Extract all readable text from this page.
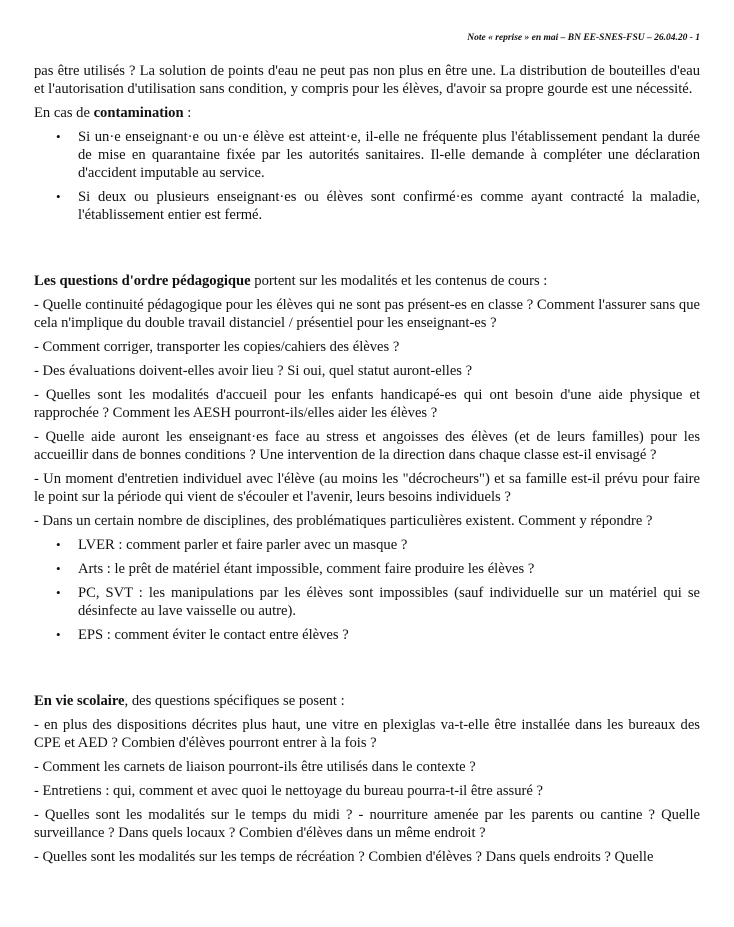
Note « reprise » en mai – BN EE-SNES-FSU – 26.04.20 - 1

pas être utilisés ? La solution de points d'eau ne peut pas non plus en être une. La distribution de bouteilles d'eau et l'autorisation d'utilisation sans condition, y compris pour les élèves, d'avoir sa propre gourde est une nécessité.

En cas de contamination :

• Si un·e enseignant·e ou un·e élève est atteint·e, il-elle ne fréquente plus l'établissement pendant la durée de mise en quarantaine fixée par les autorités sanitaires. Il-elle demande à compléter une déclaration d'accident imputable au service.
• Si deux ou plusieurs enseignant·es ou élèves sont confirmé·es comme ayant contracté la maladie, l'établissement entier est fermé.

Les questions d'ordre pédagogique portent sur les modalités et les contenus de cours :

- Quelle continuité pédagogique pour les élèves qui ne sont pas présent-es en classe ? Comment l'assurer sans que cela n'implique du double travail distanciel / présentiel pour les enseignant-es ?

- Comment corriger, transporter les copies/cahiers des élèves ?

- Des évaluations doivent-elles avoir lieu ? Si oui, quel statut auront-elles ?

- Quelles sont les modalités d'accueil pour les enfants handicapé-es qui ont besoin d'une aide physique et rapprochée ? Comment les AESH pourront-ils/elles aider les élèves ?

- Quelle aide auront les enseignant·es face au stress et angoisses des élèves (et de leurs familles) pour les accueillir dans de bonnes conditions ? Une intervention de la direction dans chaque classe est-il envisagé ?

- Un moment d'entretien individuel avec l'élève (au moins les "décrocheurs") et sa famille est-il prévu pour faire le point sur la période qui vient de s'écouler et l'avenir, leurs besoins individuels ?

- Dans un certain nombre de disciplines, des problématiques particulières existent. Comment y répondre ?

• LVER : comment parler et faire parler avec un masque ?
• Arts : le prêt de matériel étant impossible, comment faire produire les élèves ?
• PC, SVT : les manipulations par les élèves sont impossibles (sauf individuelle sur un matériel qui se désinfecte au lave vaisselle ou autre).
• EPS : comment éviter le contact entre élèves ?

En vie scolaire, des questions spécifiques se posent :

- en plus des dispositions décrites plus haut, une vitre en plexiglas va-t-elle être installée dans les bureaux des CPE et AED ? Combien d'élèves pourront entrer à la fois ?

- Comment les carnets de liaison pourront-ils être utilisés dans le contexte ?

- Entretiens : qui, comment et avec quoi le nettoyage du bureau pourra-t-il être assuré ?

- Quelles sont les modalités sur le temps du midi ? - nourriture amenée par les parents ou cantine ? Quelle surveillance ? Dans quels locaux ? Combien d'élèves dans un même endroit ?

- Quelles sont les modalités sur les temps de récréation ? Combien d'élèves ? Dans quels endroits ? Quelle
